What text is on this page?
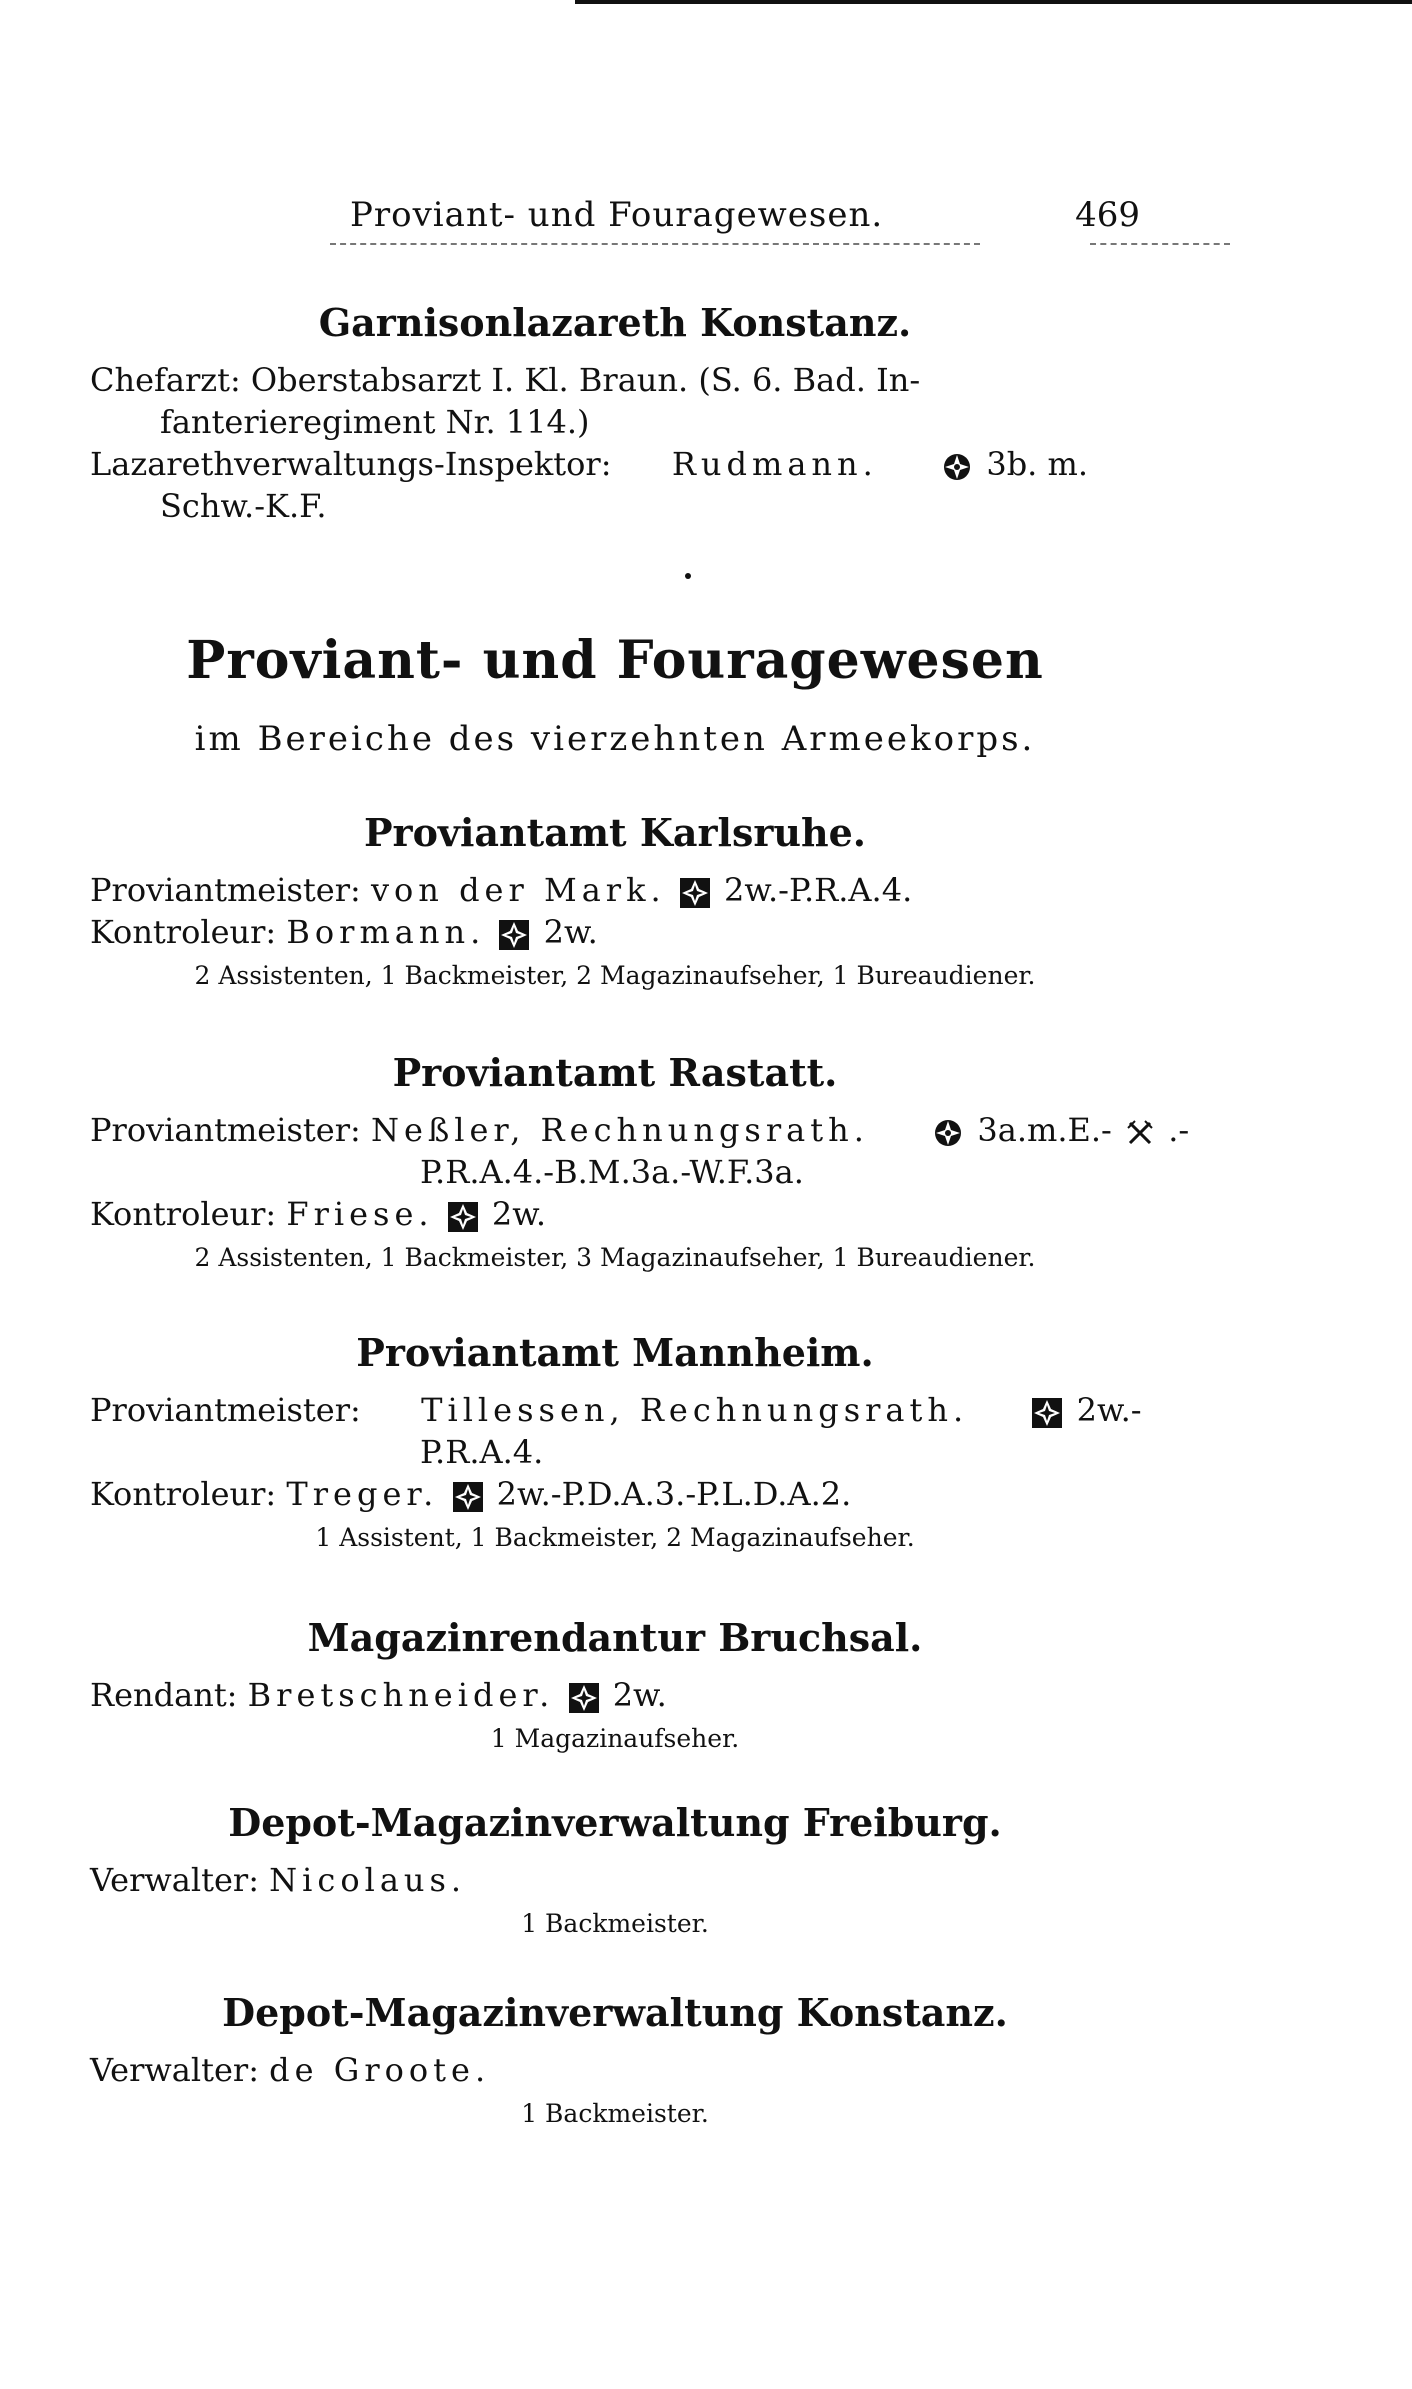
Proviant- und Fouragewesen.	469
Garnisonlazareth Konstanz.
Chefarzt: Oberstabsarzt I. Kl. Braun. (S. 6. Bad. In-
fanterieregiment Nr. 114.)
Lazarethverwaltungs-Inspektor: Rudmann.	3b. m.
Schw.-K.F.
Proviant- und Fouragewesen
im Bereiche des vierzehnten Armeekorps.
Proviantamt Karlsruhe.
Proviantmeister: von der Mark. 2w.-P.R.A.4.
Kontroleur: Bormann. 2w.
2 Assistenten, 1 Backmeister, 2 Magazinaufseher, 1 Bureaudiener.
Proviantamt Rastatt.
Proviantmeister: Neßler, Rechnungsrath.	3a.m.E.- .-
P.R.A.4.-B.M.3a.-W.F.3a.
Kontroleur: Friese. 2w.
2 Assistenten, 1 Backmeister, 3 Magazinaufseher, 1 Bureaudiener.
Proviantamt Mannheim.
Proviantmeister: Tillessen, Rechnungsrath.	2w.-
P.R.A.4.
Kontroleur: Treger. 2w.-P.D.A.3.-P.L.D.A.2.
1 Assistent, 1 Backmeister, 2 Magazinaufseher.
Magazinrendantur Bruchsal.
Rendant: Bretschneider. 2w.
1 Magazinaufseher.
Depot-Magazinverwaltung Freiburg.
Verwalter: Nicolaus.
1 Backmeister.
Depot-Magazinverwaltung Konstanz.
Verwalter: de Groote.
1 Backmeister.
